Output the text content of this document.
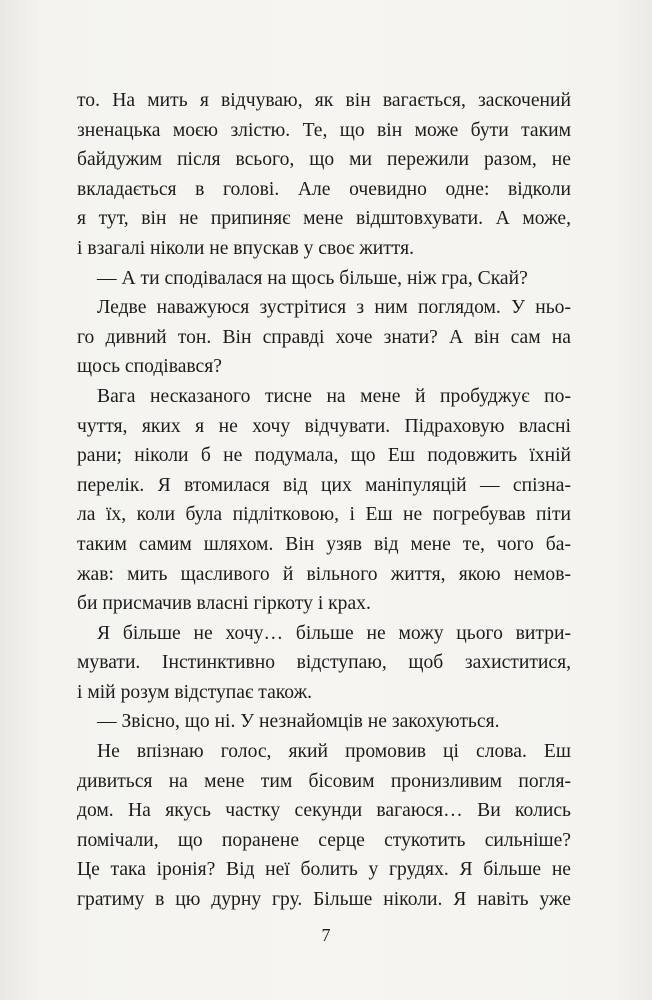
то. На мить я відчуваю, як він вагається, заскочений
зненацька моєю злістю. Те, що він може бути таким
байдужим після всього, що ми пережили разом, не
вкладається в голові. Але очевидно одне: відколи
я тут, він не припиняє мене відштовхувати. А може,
і взагалі ніколи не впускав у своє життя.
— А ти сподівалася на щось більше, ніж гра, Скай?
Ледве наважуюся зустрітися з ним поглядом. У ньо-
го дивний тон. Він справді хоче знати? А він сам на
щось сподівався?
Вага несказаного тисне на мене й пробуджує по-
чуття, яких я не хочу відчувати. Підраховую власні
рани; ніколи б не подумала, що Еш подовжить їхній
перелік. Я втомилася від цих маніпуляцій — спізна-
ла їх, коли була підлітковою, і Еш не погребував піти
таким самим шляхом. Він узяв від мене те, чого ба-
жав: мить щасливого й вільного життя, якою немов-
би присмачив власні гіркоту і крах.
Я більше не хочу… більше не можу цього витри-
мувати. Інстинктивно відступаю, щоб захиститися,
і мій розум відступає також.
— Звісно, що ні. У незнайомців не закохуються.
Не впізнаю голос, який промовив ці слова. Еш
дивиться на мене тим бісовим пронизливим погля-
дом. На якусь частку секунди вагаюся… Ви колись
помічали, що поранене серце стукотить сильніше?
Це така іронія? Від неї болить у грудях. Я більше не
гратиму в цю дурну гру. Більше ніколи. Я навіть уже
7
